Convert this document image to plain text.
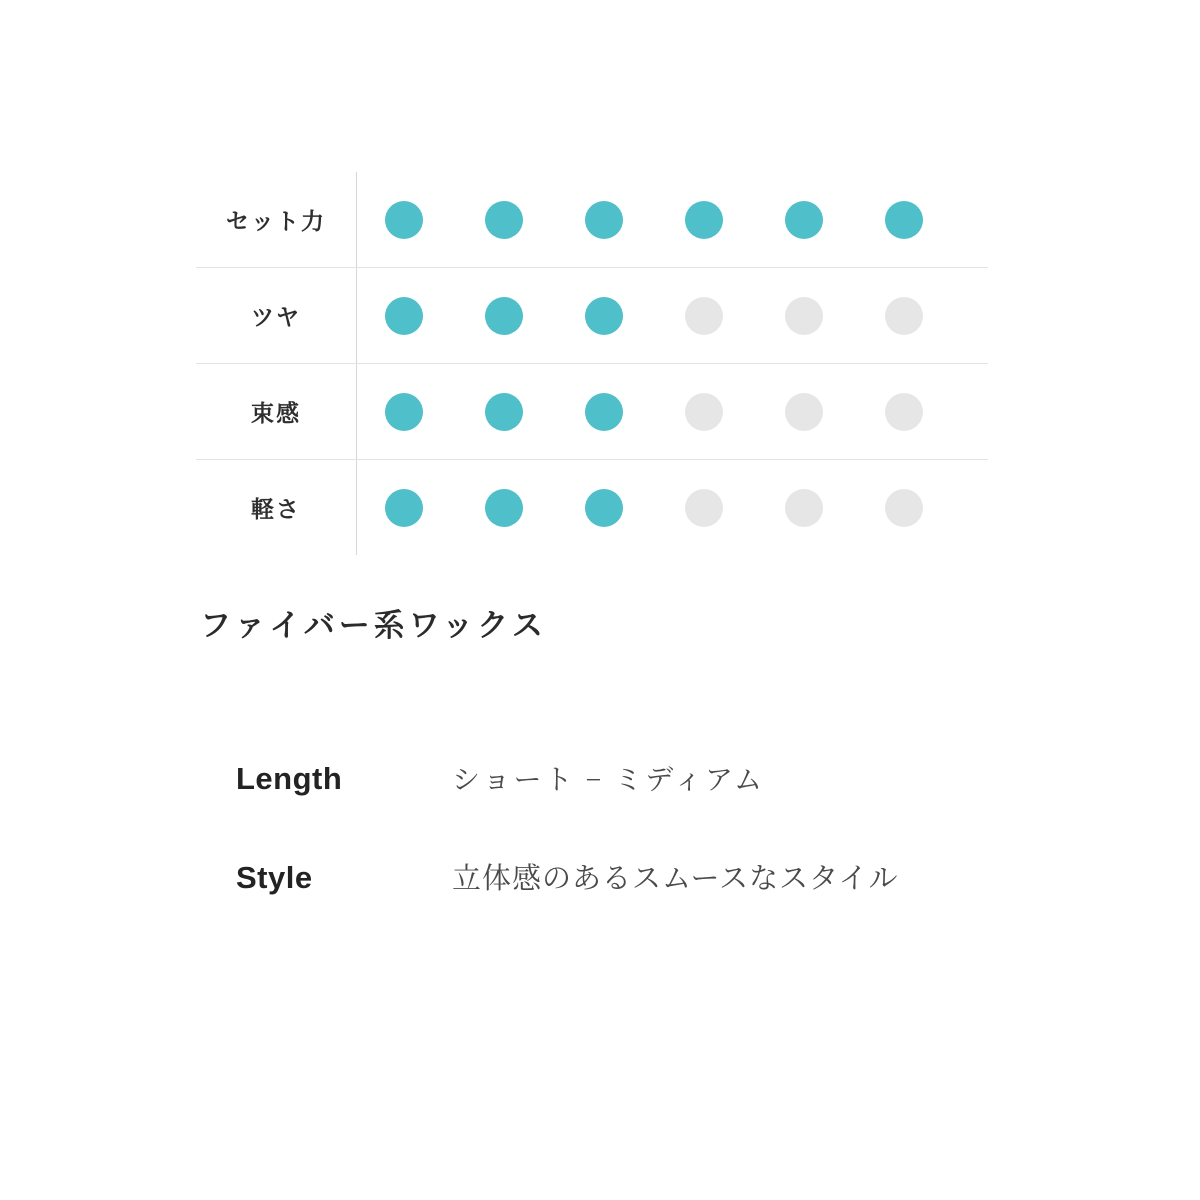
セット力
ツヤ
束感
軽さ
ファイバー系ワックス
Length	ショート − ミディアム
Style	立体感のあるスムースなスタイル
